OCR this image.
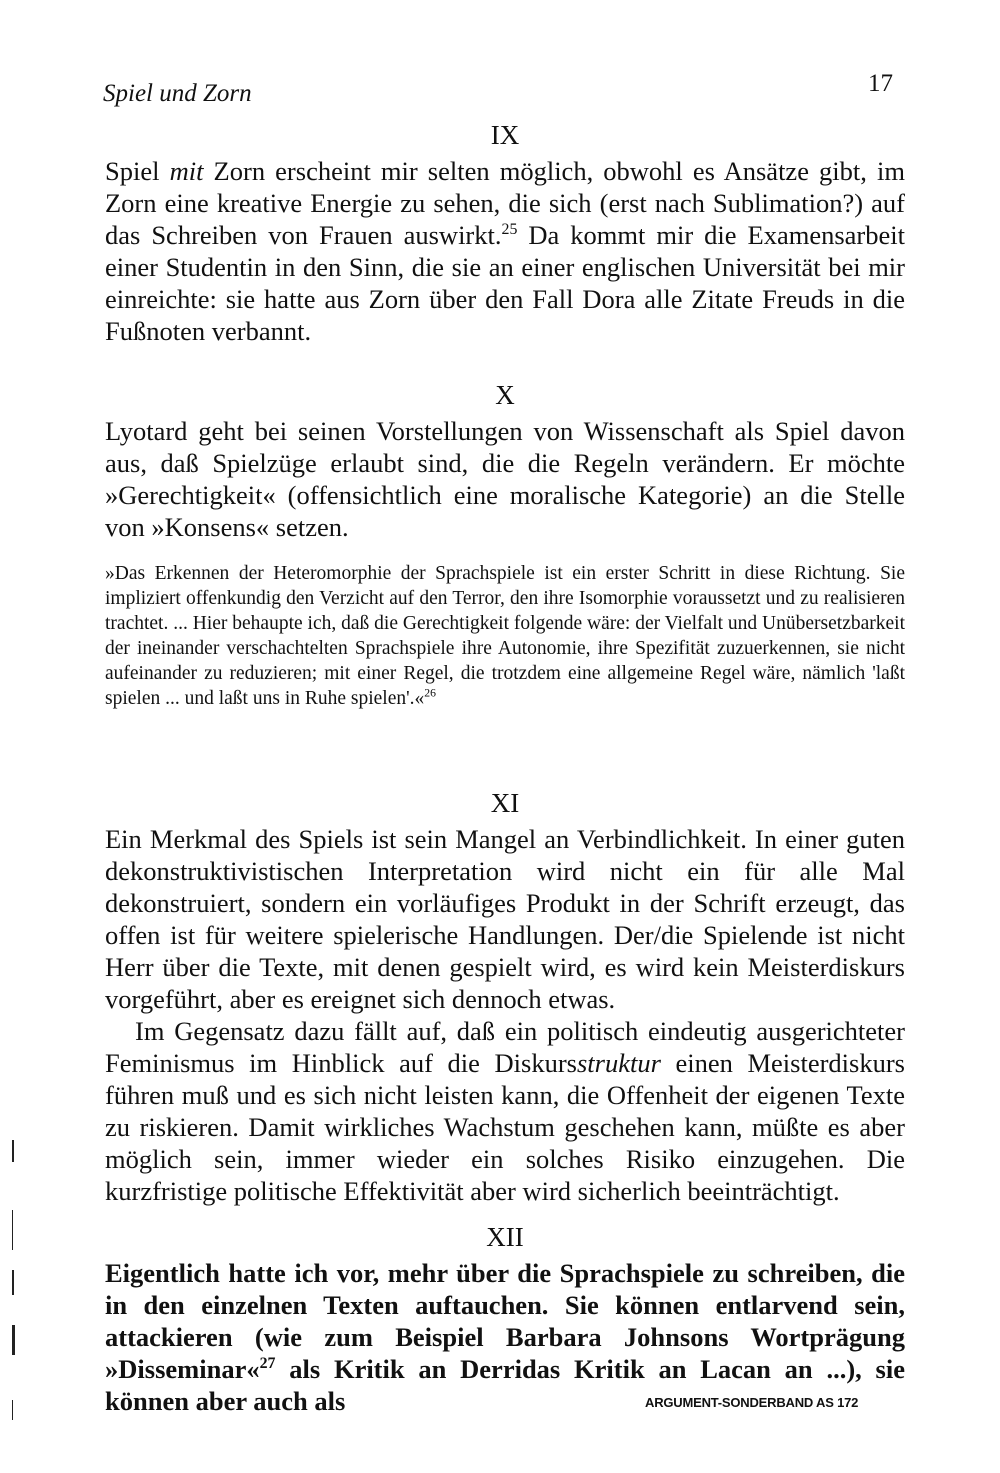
Spiel und Zorn	17
IX

Spiel mit Zorn erscheint mir selten möglich, obwohl es Ansätze gibt, im Zorn eine kreative Energie zu sehen, die sich (erst nach Sublimation?) auf das Schreiben von Frauen auswirkt.$^{25}$ Da kommt mir die Examensarbeit einer Studentin in den Sinn, die sie an einer englischen Universität bei mir einreichte: sie hatte aus Zorn über den Fall Dora alle Zitate Freuds in die Fußnoten verbannt.

X

Lyotard geht bei seinen Vorstellungen von Wissenschaft als Spiel davon aus, daß Spielzüge erlaubt sind, die die Regeln verändern. Er möchte »Gerechtigkeit« (offensichtlich eine moralische Kategorie) an die Stelle von »Konsens« setzen.

»Das Erkennen der Heteromorphie der Sprachspiele ist ein erster Schritt in diese Richtung. Sie impliziert offenkundig den Verzicht auf den Terror, den ihre Isomorphie voraussetzt und zu realisieren trachtet. ... Hier behaupte ich, daß die Gerechtigkeit folgende wäre: der Vielfalt und Unübersetzbarkeit der ineinander verschachtelten Sprachspiele ihre Autonomie, ihre Spezifität zuzuerkennen, sie nicht aufeinander zu reduzieren; mit einer Regel, die trotzdem eine allgemeine Regel wäre, nämlich 'laßt spielen ... und laßt uns in Ruhe spielen'.«$^{26}$

XI

Ein Merkmal des Spiels ist sein Mangel an Verbindlichkeit. In einer guten dekonstruktivistischen Interpretation wird nicht ein für alle Mal dekonstruiert, sondern ein vorläufiges Produkt in der Schrift erzeugt, das offen ist für weitere spielerische Handlungen. Der/die Spielende ist nicht Herr über die Texte, mit denen gespielt wird, es wird kein Meisterdiskurs vorgeführt, aber es ereignet sich dennoch etwas.

Im Gegensatz dazu fällt auf, daß ein politisch eindeutig ausgerichteter Feminismus im Hinblick auf die Diskursstruktur einen Meisterdiskurs führen muß und es sich nicht leisten kann, die Offenheit der eigenen Texte zu riskieren. Damit wirkliches Wachstum geschehen kann, müßte es aber möglich sein, immer wieder ein solches Risiko einzugehen. Die kurzfristige politische Effektivität aber wird sicherlich beeinträchtigt.

XII

Eigentlich hatte ich vor, mehr über die Sprachspiele zu schreiben, die in den einzelnen Texten auftauchen. Sie können entlarvend sein, attackieren (wie zum Beispiel Barbara Johnsons Wortprägung »Disseminar«$^{27}$ als Kritik an Derridas Kritik an Lacan an ...), sie können aber auch als	ARGUMENT-SONDERBAND AS 172
